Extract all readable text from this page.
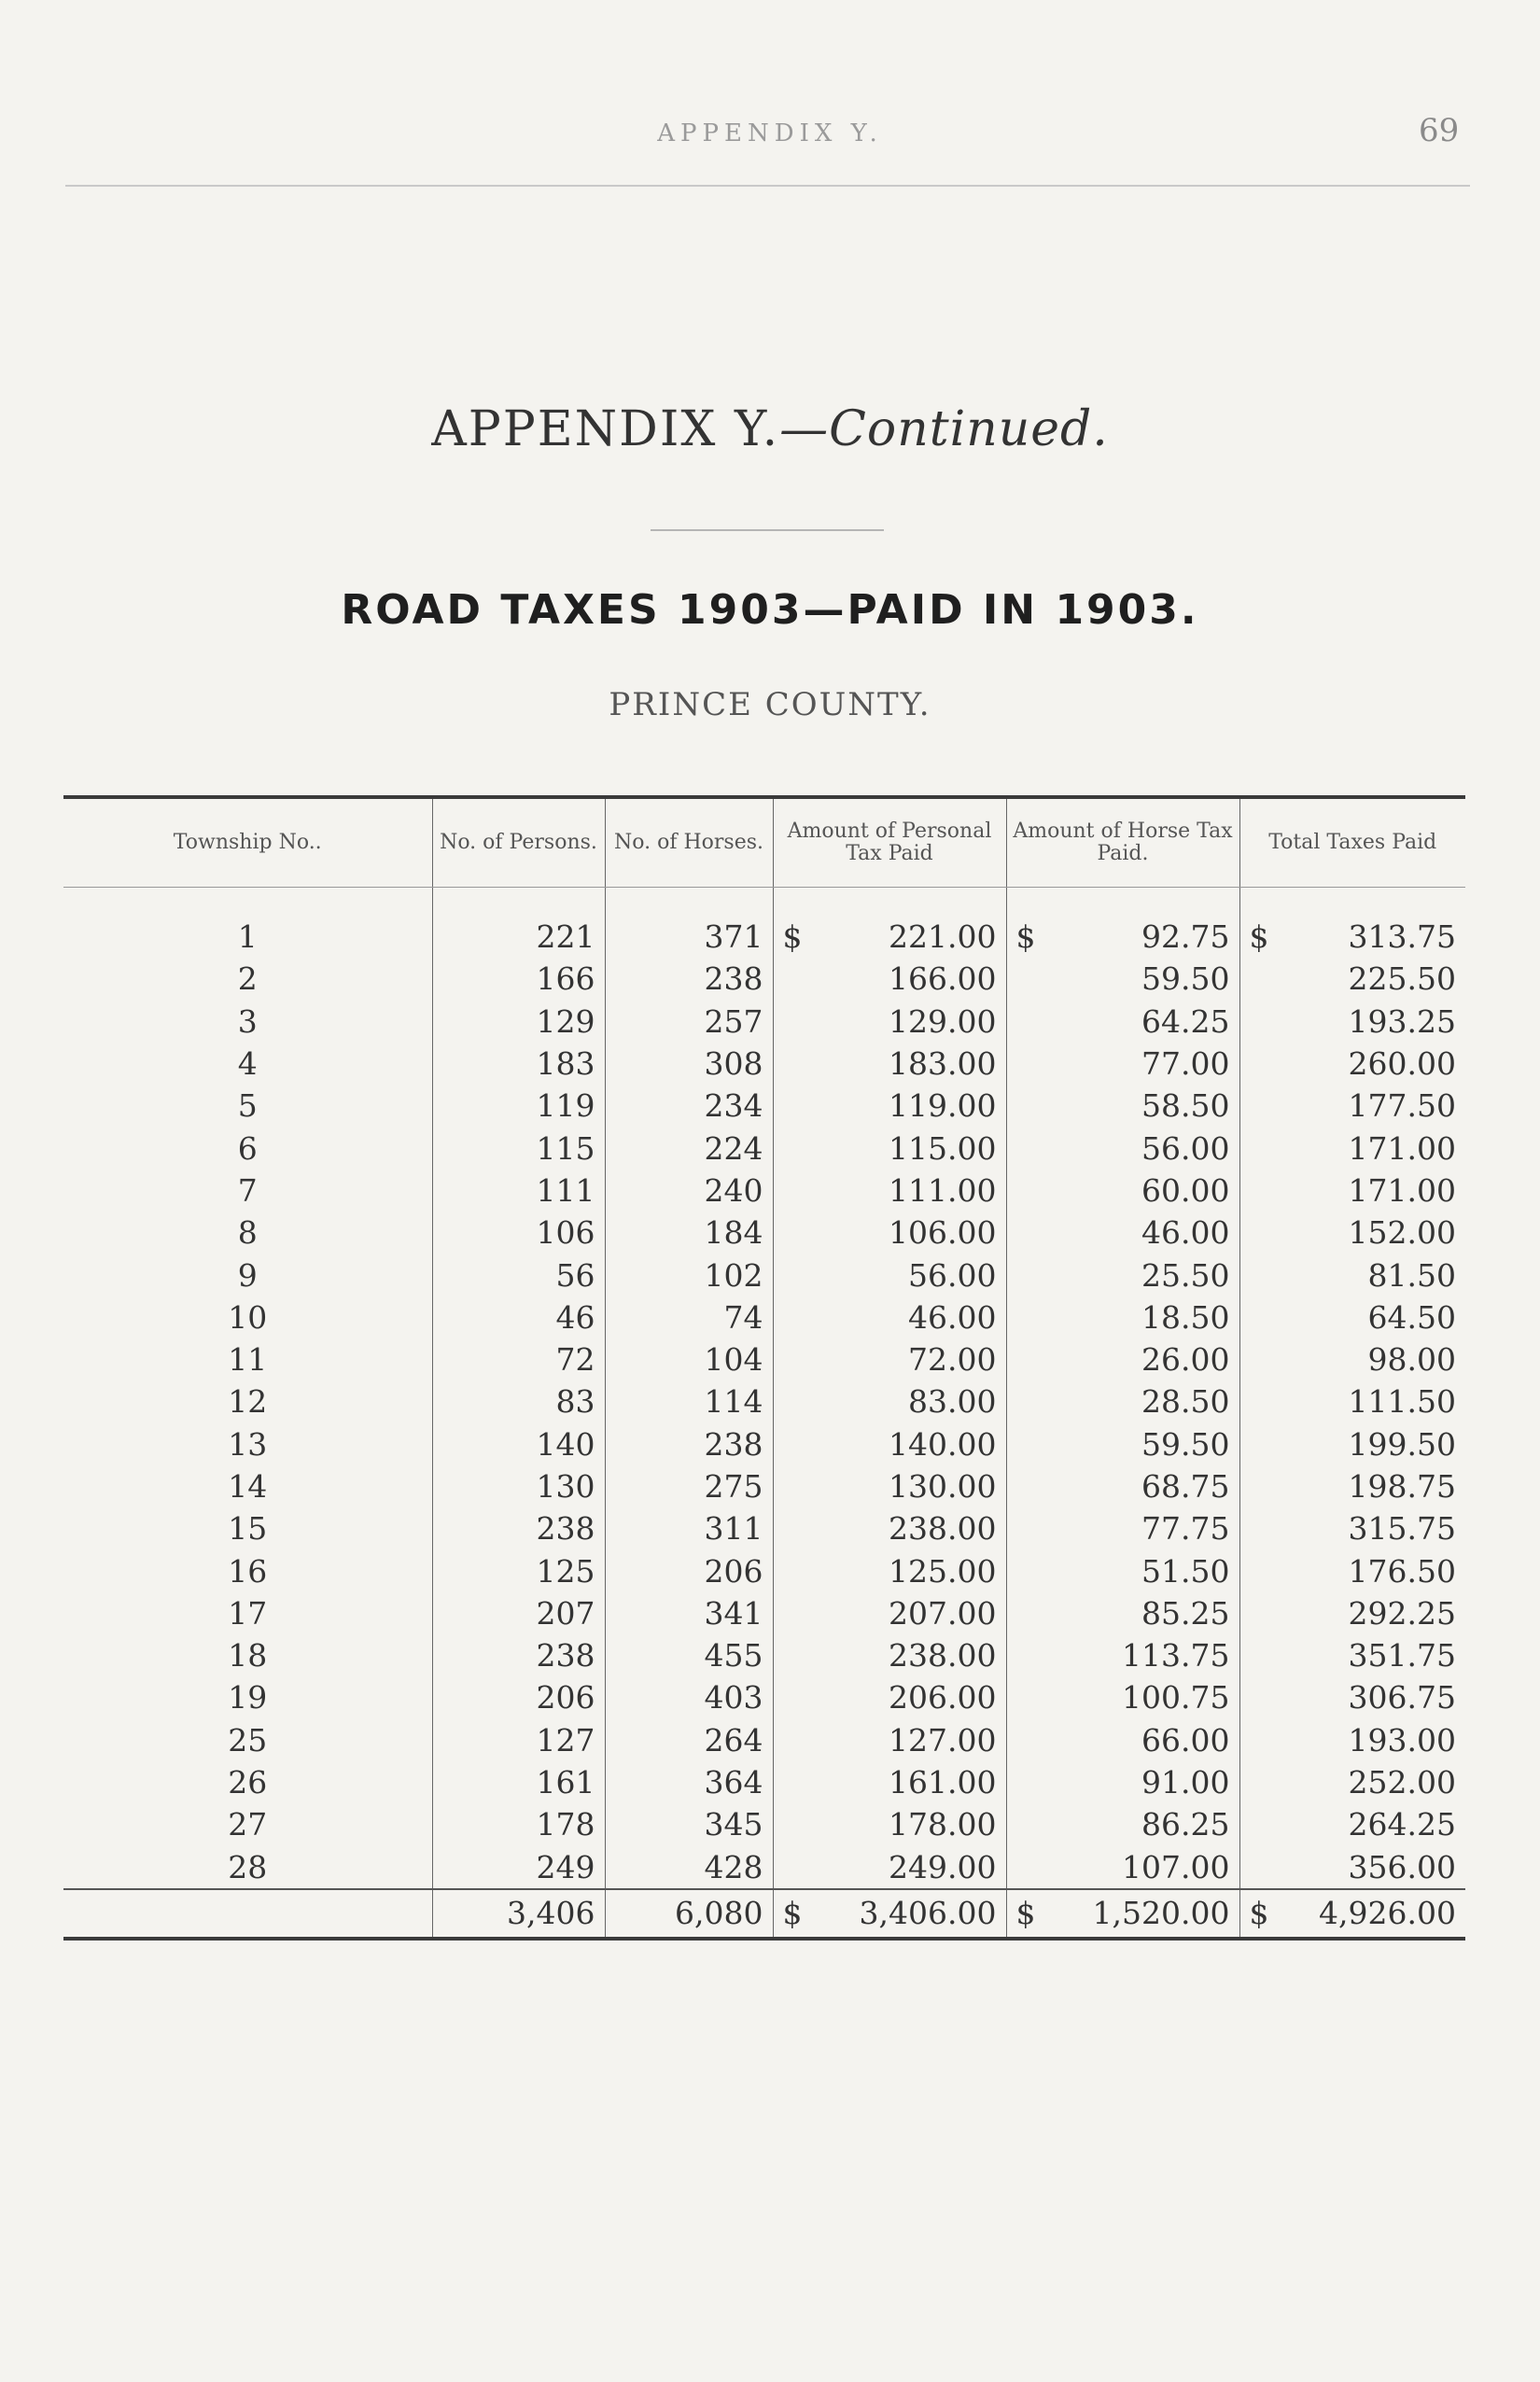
APPENDIX Y.	69
APPENDIX Y.—Continued.
ROAD TAXES 1903—PAID IN 1903.
PRINCE COUNTY.
Township No..	No. of Persons.	No. of Horses.	Amount of Personal Tax Paid	Amount of Horse Tax Paid.	Total Taxes Paid
1	221	371	$ 221.00	$ 92.75	$ 313.75
2	166	238	166.00	59.50	225.50
3	129	257	129.00	64.25	193.25
4	183	308	183.00	77.00	260.00
5	119	234	119.00	58.50	177.50
6	115	224	115.00	56.00	171.00
7	111	240	111.00	60.00	171.00
8	106	184	106.00	46.00	152.00
9	56	102	56.00	25.50	81.50
10	46	74	46.00	18.50	64.50
11	72	104	72.00	26.00	98.00
12	83	114	83.00	28.50	111.50
13	140	238	140.00	59.50	199.50
14	130	275	130.00	68.75	198.75
15	238	311	238.00	77.75	315.75
16	125	206	125.00	51.50	176.50
17	207	341	207.00	85.25	292.25
18	238	455	238.00	113.75	351.75
19	206	403	206.00	100.75	306.75
25	127	264	127.00	66.00	193.00
26	161	364	161.00	91.00	252.00
27	178	345	178.00	86.25	264.25
28	249	428	249.00	107.00	356.00
	3,406	6,080	$ 3,406.00	$ 1,520.00	$ 4,926.00
